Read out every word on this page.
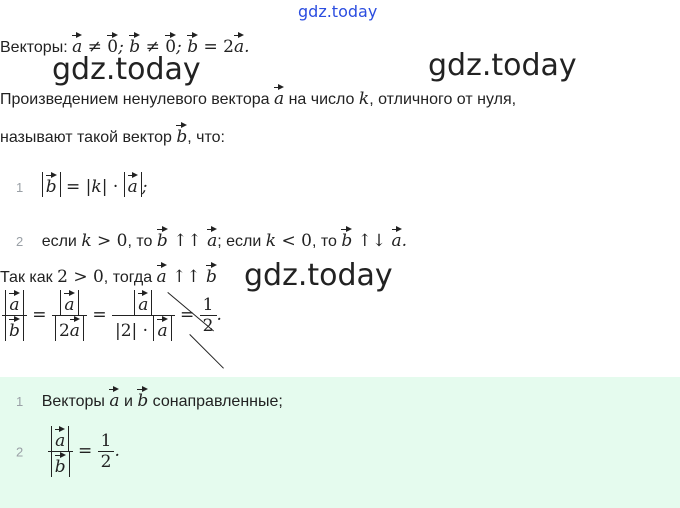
gdz.today
Векторы: a ≠ 0; b ≠ 0; b = 2a.
gdz.today	gdz.today
Произведением ненулевого вектора a на число k, отличного от нуля,
называют такой вектор b, что:
1 b = |k| · a ;
2 если k > 0, то b ↑↑ a; если k < 0, то b ↑↓ a.
Так как 2 > 0, тогда a ↑↑ b gdz.today
$\frac{a}{b} = \frac{a}{2a} = \frac{a}{|2| \cdot a} = \frac{1}{2}$ .
1 Векторы a и b сонаправленные;
$2 \frac{a}{b} = \frac{1}{2}$ .
